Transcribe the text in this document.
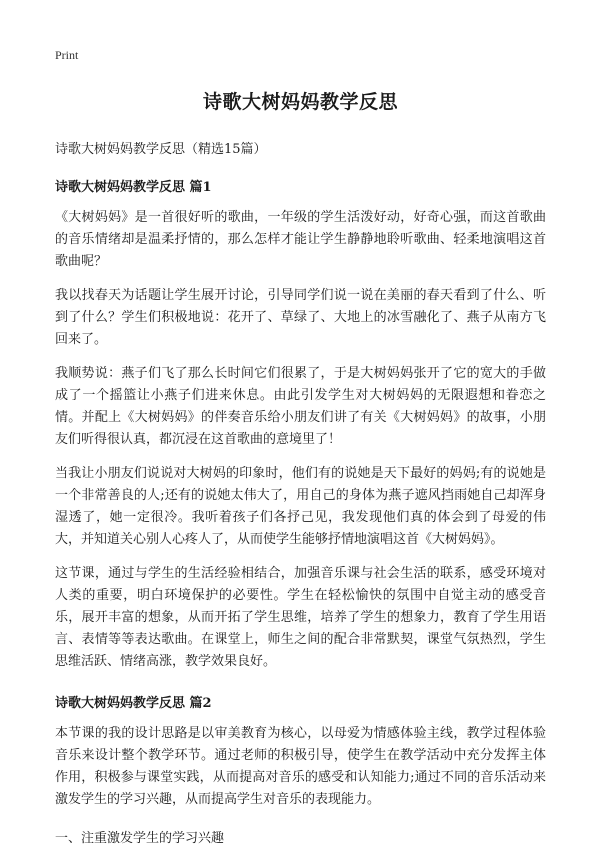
Print
诗歌大树妈妈教学反思
诗歌大树妈妈教学反思（精选15篇）
诗歌大树妈妈教学反思 篇1

《大树妈妈》是一首很好听的歌曲，一年级的学生活泼好动，好奇心强，而这首歌曲的音乐情绪却是温柔抒情的，那么怎样才能让学生静静地聆听歌曲、轻柔地演唱这首歌曲呢？

我以找春天为话题让学生展开讨论，引导同学们说一说在美丽的春天看到了什么、听到了什么？学生们积极地说：花开了、草绿了、大地上的冰雪融化了、燕子从南方飞回来了。

我顺势说：燕子们飞了那么长时间它们很累了，于是大树妈妈张开了它的宽大的手做成了一个摇篮让小燕子们进来休息。由此引发学生对大树妈妈的无限遐想和眷恋之情。并配上《大树妈妈》的伴奏音乐给小朋友们讲了有关《大树妈妈》的故事，小朋友们听得很认真，都沉浸在这首歌曲的意境里了！

当我让小朋友们说说对大树妈的印象时，他们有的说她是天下最好的妈妈;有的说她是一个非常善良的人;还有的说她太伟大了，用自己的身体为燕子遮风挡雨她自己却浑身湿透了，她一定很冷。我听着孩子们各抒己见，我发现他们真的体会到了母爱的伟大，并知道关心别人心疼人了，从而使学生能够抒情地演唱这首《大树妈妈》。

这节课，通过与学生的生活经验相结合，加强音乐课与社会生活的联系，感受环境对人类的重要，明白环境保护的必要性。学生在轻松愉快的氛围中自觉主动的感受音乐，展开丰富的想象，从而开拓了学生思维，培养了学生的想象力，教育了学生用语言、表情等等表达歌曲。在课堂上，师生之间的配合非常默契，课堂气氛热烈，学生思维活跃、情绪高涨，教学效果良好。

诗歌大树妈妈教学反思 篇2

本节课的我的设计思路是以审美教育为核心，以母爱为情感体验主线，教学过程体验音乐来设计整个教学环节。通过老师的积极引导，使学生在教学活动中充分发挥主体作用，积极参与课堂实践，从而提高对音乐的感受和认知能力;通过不同的音乐活动来激发学生的学习兴趣，从而提高学生对音乐的表现能力。

一、注重激发学生的学习兴趣
